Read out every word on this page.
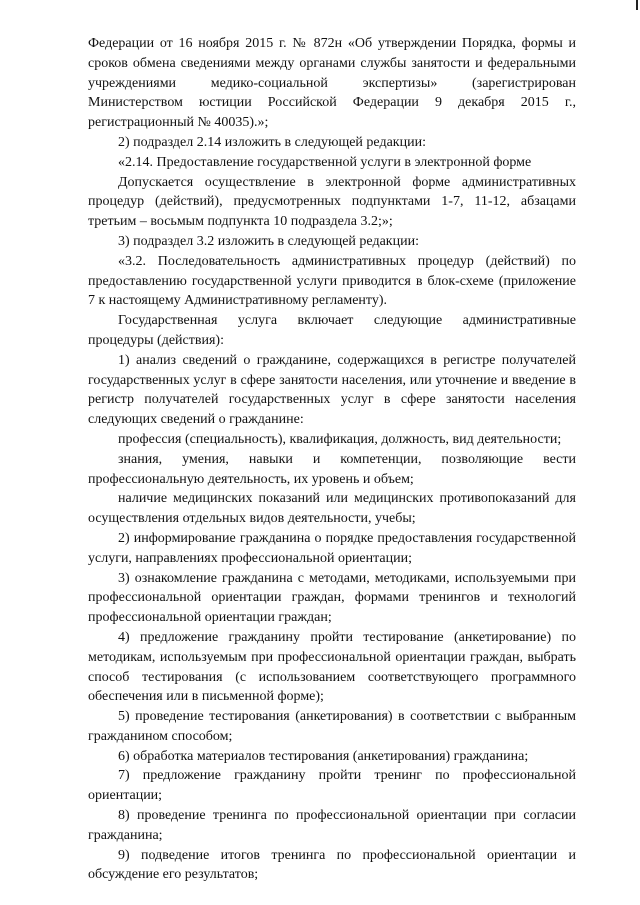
Федерации от 16 ноября 2015 г. № 872н «Об утверждении Порядка, формы и сроков обмена сведениями между органами службы занятости и федеральными учреждениями медико-социальной экспертизы» (зарегистрирован Министерством юстиции Российской Федерации 9 декабря 2015 г., регистрационный № 40035).»;

2) подраздел 2.14 изложить в следующей редакции:

«2.14. Предоставление государственной услуги в электронной форме

Допускается осуществление в электронной форме административных процедур (действий), предусмотренных подпунктами 1-7, 11-12, абзацами третьим – восьмым подпункта 10 подраздела 3.2;»;

3) подраздел 3.2 изложить в следующей редакции:

«3.2. Последовательность административных процедур (действий) по предоставлению государственной услуги приводится в блок-схеме (приложение 7 к настоящему Административному регламенту).

Государственная услуга включает следующие административные процедуры (действия):

1) анализ сведений о гражданине, содержащихся в регистре получателей государственных услуг в сфере занятости населения, или уточнение и введение в регистр получателей государственных услуг в сфере занятости населения следующих сведений о гражданине:

профессия (специальность), квалификация, должность, вид деятельности;

знания, умения, навыки и компетенции, позволяющие вести профессиональную деятельность, их уровень и объем;

наличие медицинских показаний или медицинских противопоказаний для осуществления отдельных видов деятельности, учебы;

2) информирование гражданина о порядке предоставления государственной услуги, направлениях профессиональной ориентации;

3) ознакомление гражданина с методами, методиками, используемыми при профессиональной ориентации граждан, формами тренингов и технологий профессиональной ориентации граждан;

4) предложение гражданину пройти тестирование (анкетирование) по методикам, используемым при профессиональной ориентации граждан, выбрать способ тестирования (с использованием соответствующего программного обеспечения или в письменной форме);

5) проведение тестирования (анкетирования) в соответствии с выбранным гражданином способом;

6) обработка материалов тестирования (анкетирования) гражданина;

7) предложение гражданину пройти тренинг по профессиональной ориентации;

8) проведение тренинга по профессиональной ориентации при согласии гражданина;

9) подведение итогов тренинга по профессиональной ориентации и обсуждение его результатов;
